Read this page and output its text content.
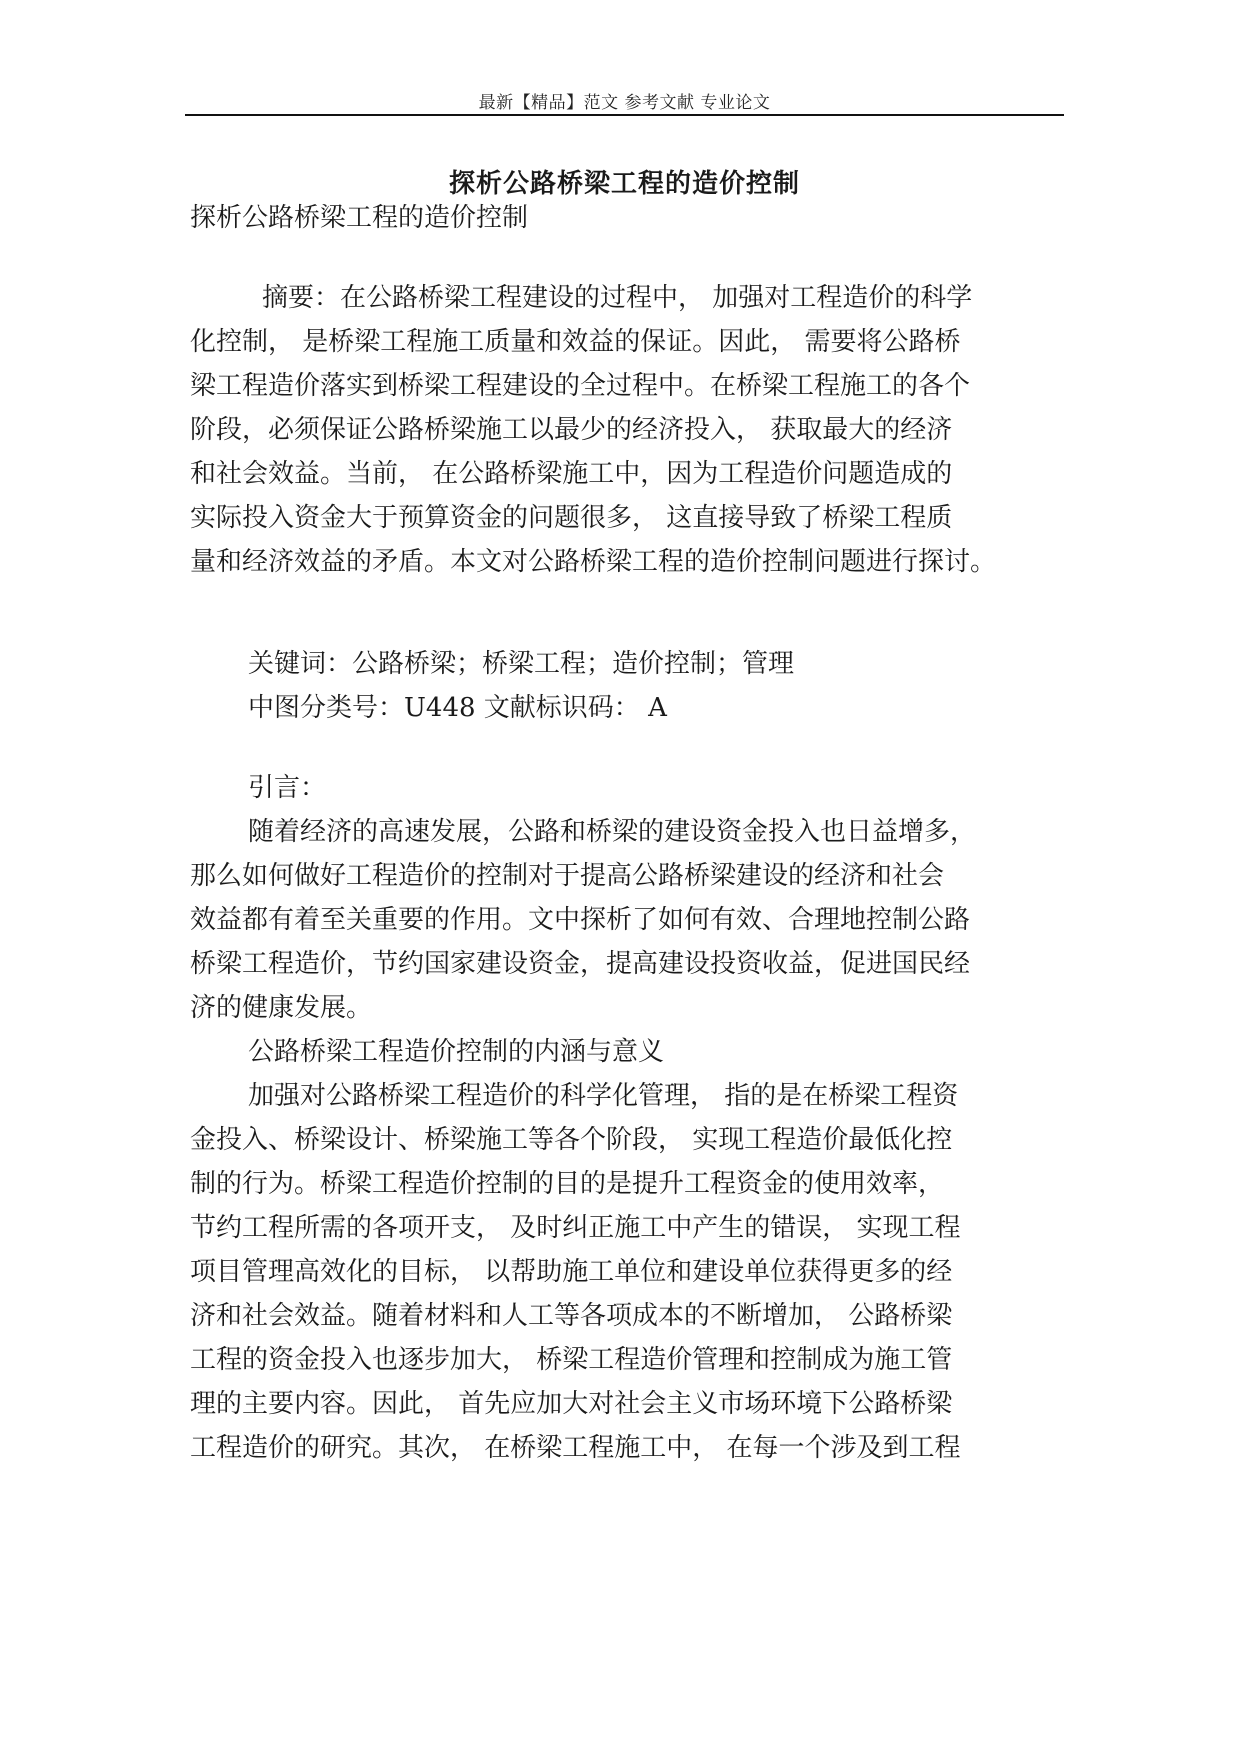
最新【精品】范文 参考文献 专业论文
探析公路桥梁工程的造价控制
探析公路桥梁工程的造价控制
摘要：在公路桥梁工程建设的过程中， 加强对工程造价的科学
化控制， 是桥梁工程施工质量和效益的保证。因此， 需要将公路桥
梁工程造价落实到桥梁工程建设的全过程中。在桥梁工程施工的各个
阶段，必须保证公路桥梁施工以最少的经济投入， 获取最大的经济
和社会效益。当前， 在公路桥梁施工中，因为工程造价问题造成的
实际投入资金大于预算资金的问题很多， 这直接导致了桥梁工程质
量和经济效益的矛盾。本文对公路桥梁工程的造价控制问题进行探讨。
关键词：公路桥梁；桥梁工程；造价控制；管理
中图分类号：U448 文献标识码： A
引言：
随着经济的高速发展，公路和桥梁的建设资金投入也日益增多，
那么如何做好工程造价的控制对于提高公路桥梁建设的经济和社会
效益都有着至关重要的作用。文中探析了如何有效、合理地控制公路
桥梁工程造价，节约国家建设资金，提高建设投资收益，促进国民经
济的健康发展。
公路桥梁工程造价控制的内涵与意义
加强对公路桥梁工程造价的科学化管理， 指的是在桥梁工程资
金投入、桥梁设计、桥梁施工等各个阶段， 实现工程造价最低化控
制的行为。桥梁工程造价控制的目的是提升工程资金的使用效率，
节约工程所需的各项开支， 及时纠正施工中产生的错误， 实现工程
项目管理高效化的目标， 以帮助施工单位和建设单位获得更多的经
济和社会效益。随着材料和人工等各项成本的不断增加， 公路桥梁
工程的资金投入也逐步加大， 桥梁工程造价管理和控制成为施工管
理的主要内容。因此， 首先应加大对社会主义市场环境下公路桥梁
工程造价的研究。其次， 在桥梁工程施工中， 在每一个涉及到工程
